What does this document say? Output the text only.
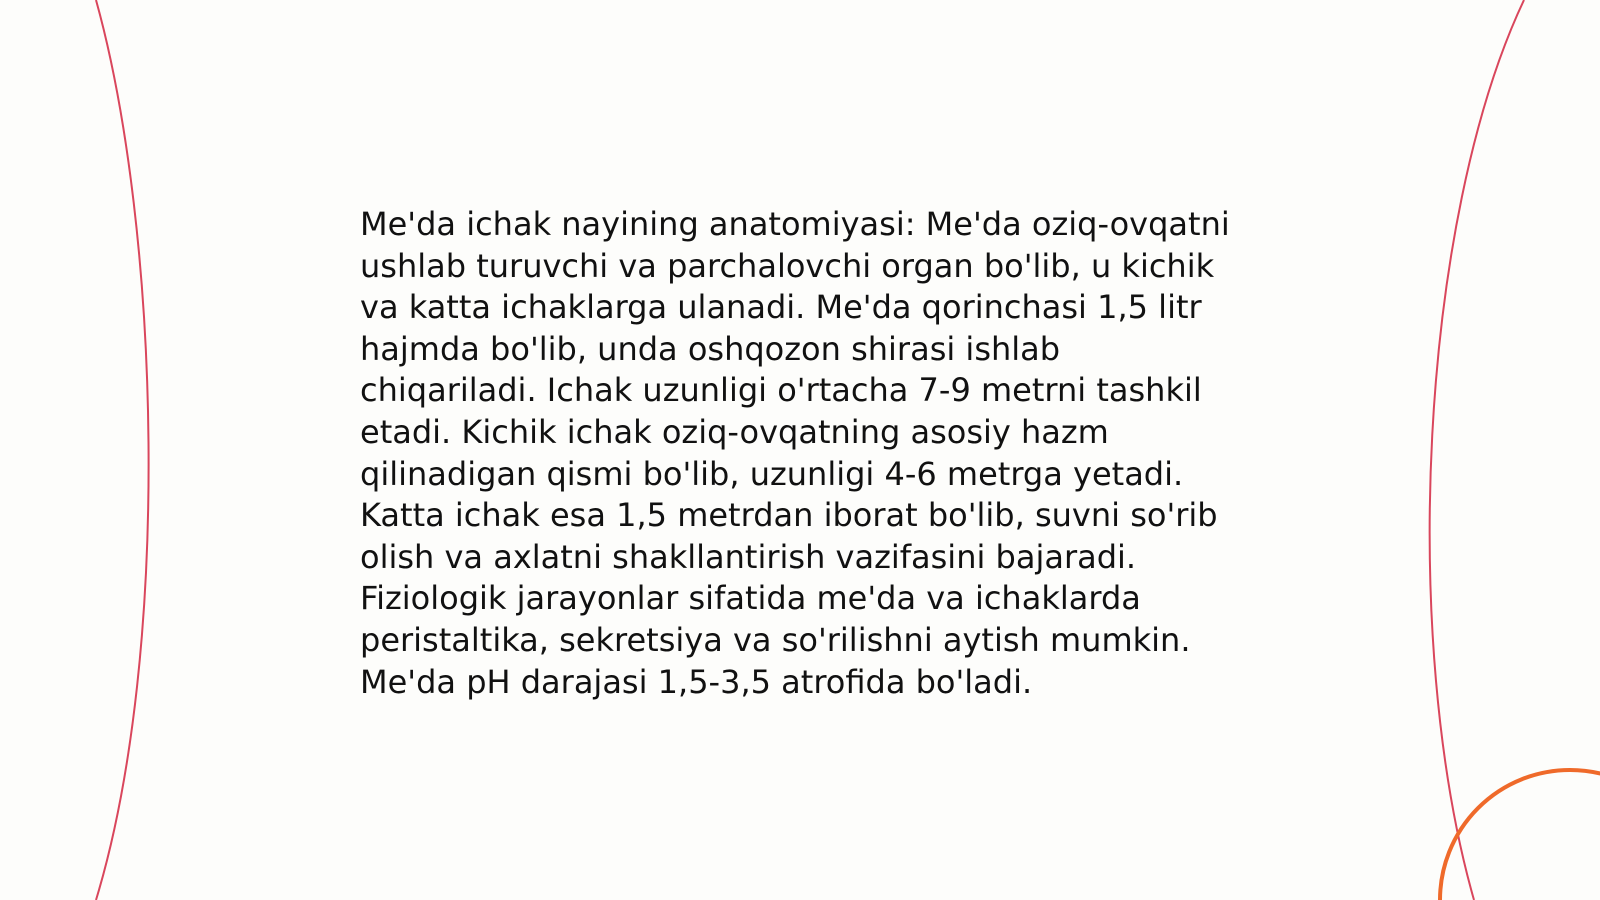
Me'da ichak nayining anatomiyasi: Me'da oziq-ovqatni
ushlab turuvchi va parchalovchi organ bo'lib, u kichik
va katta ichaklarga ulanadi. Me'da qorinchasi 1,5 litr
hajmda bo'lib, unda oshqozon shirasi ishlab
chiqariladi. Ichak uzunligi o'rtacha 7-9 metrni tashkil
etadi. Kichik ichak oziq-ovqatning asosiy hazm
qilinadigan qismi bo'lib, uzunligi 4-6 metrga yetadi.
Katta ichak esa 1,5 metrdan iborat bo'lib, suvni so'rib
olish va axlatni shakllantirish vazifasini bajaradi.
Fiziologik jarayonlar sifatida me'da va ichaklarda
peristaltika, sekretsiya va so'rilishni aytish mumkin.
Me'da pH darajasi 1,5-3,5 atrofida bo'ladi.
